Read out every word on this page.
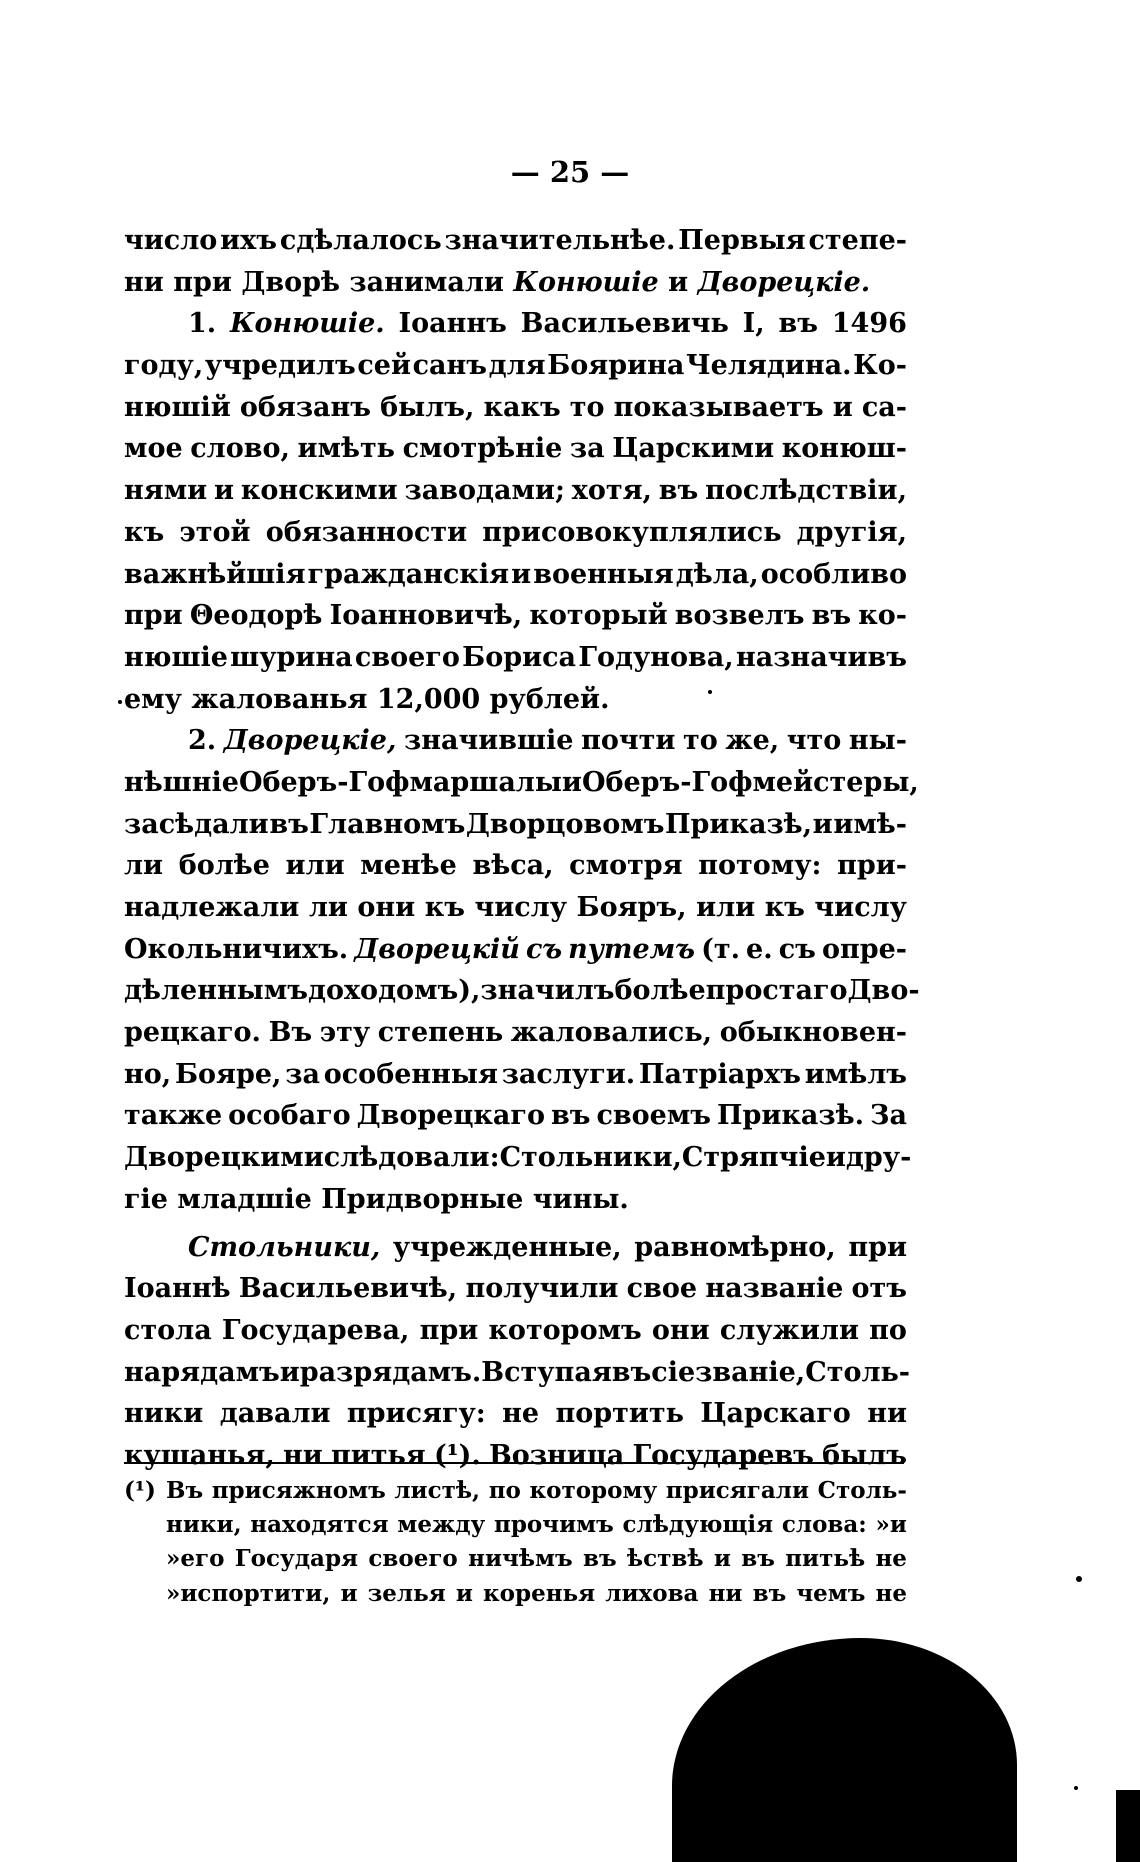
— 25 —
число ихъ сдѣлалось значительнѣе. Первыя степе-
ни при Дворѣ занимали Конюшіе и Дворецкіе.
1. Конюшіе. Іоаннъ Васильевичь I, въ 1496
году, учредилъ сей санъ для Боярина Челядина. Ко-
нюшій обязанъ былъ, какъ то показываетъ и са-
мое слово, имѣть смотрѣніе за Царскими конюш-
нями и конскими заводами; хотя, въ послѣдствіи,
къ этой обязанности присовокуплялись другія,
важнѣйшія гражданскія и военныя дѣла, особливо
при Θеодорѣ Іоанновичѣ, который возвелъ въ ко-
нюшіе шурина своего Бориса Годунова, назначивъ
ему жалованья 12,000 рублей.
2. Дворецкіе, значившіе почти то же, что ны-
нѣшніе Оберъ-Гофмаршалы и Оберъ-Гофмейстеры,
засѣдали въ Главномъ Дворцовомъ Приказѣ, и имѣ-
ли болѣе или менѣе вѣса, смотря потому: при-
надлежали ли они къ числу Бояръ, или къ числу
Окольничихъ. Дворецкій съ путемъ (т. е. съ опре-
дѣленнымъ доходомъ), значилъ болѣе простаго Дво-
рецкаго. Въ эту степень жаловались, обыкновен-
но, Бояре, за особенныя заслуги. Патріархъ имѣлъ
также особаго Дворецкаго въ своемъ Приказѣ. За
Дворецкими слѣдовали: Стольники, Стряпчіе и дру-
гіе младшіе Придворные чины.
Стольники, учрежденные, равномѣрно, при
Іоаннѣ Васильевичѣ, получили свое названіе отъ
стола Государева, при которомъ они служили по
нарядамъ и разрядамъ. Вступая въ сіе званіе, Столь-
ники давали присягу: не портить Царскаго ни
кушанья, ни питья (¹). Возница Государевъ былъ
(¹) Въ присяжномъ листѣ, по которому присягали Столь-
ники, находятся между прочимъ слѣдующія слова: »и
»его Государя своего ничѣмъ въ ѣствѣ и въ питьѣ не
»испортити, и зелья и коренья лихова ни въ чемъ не
